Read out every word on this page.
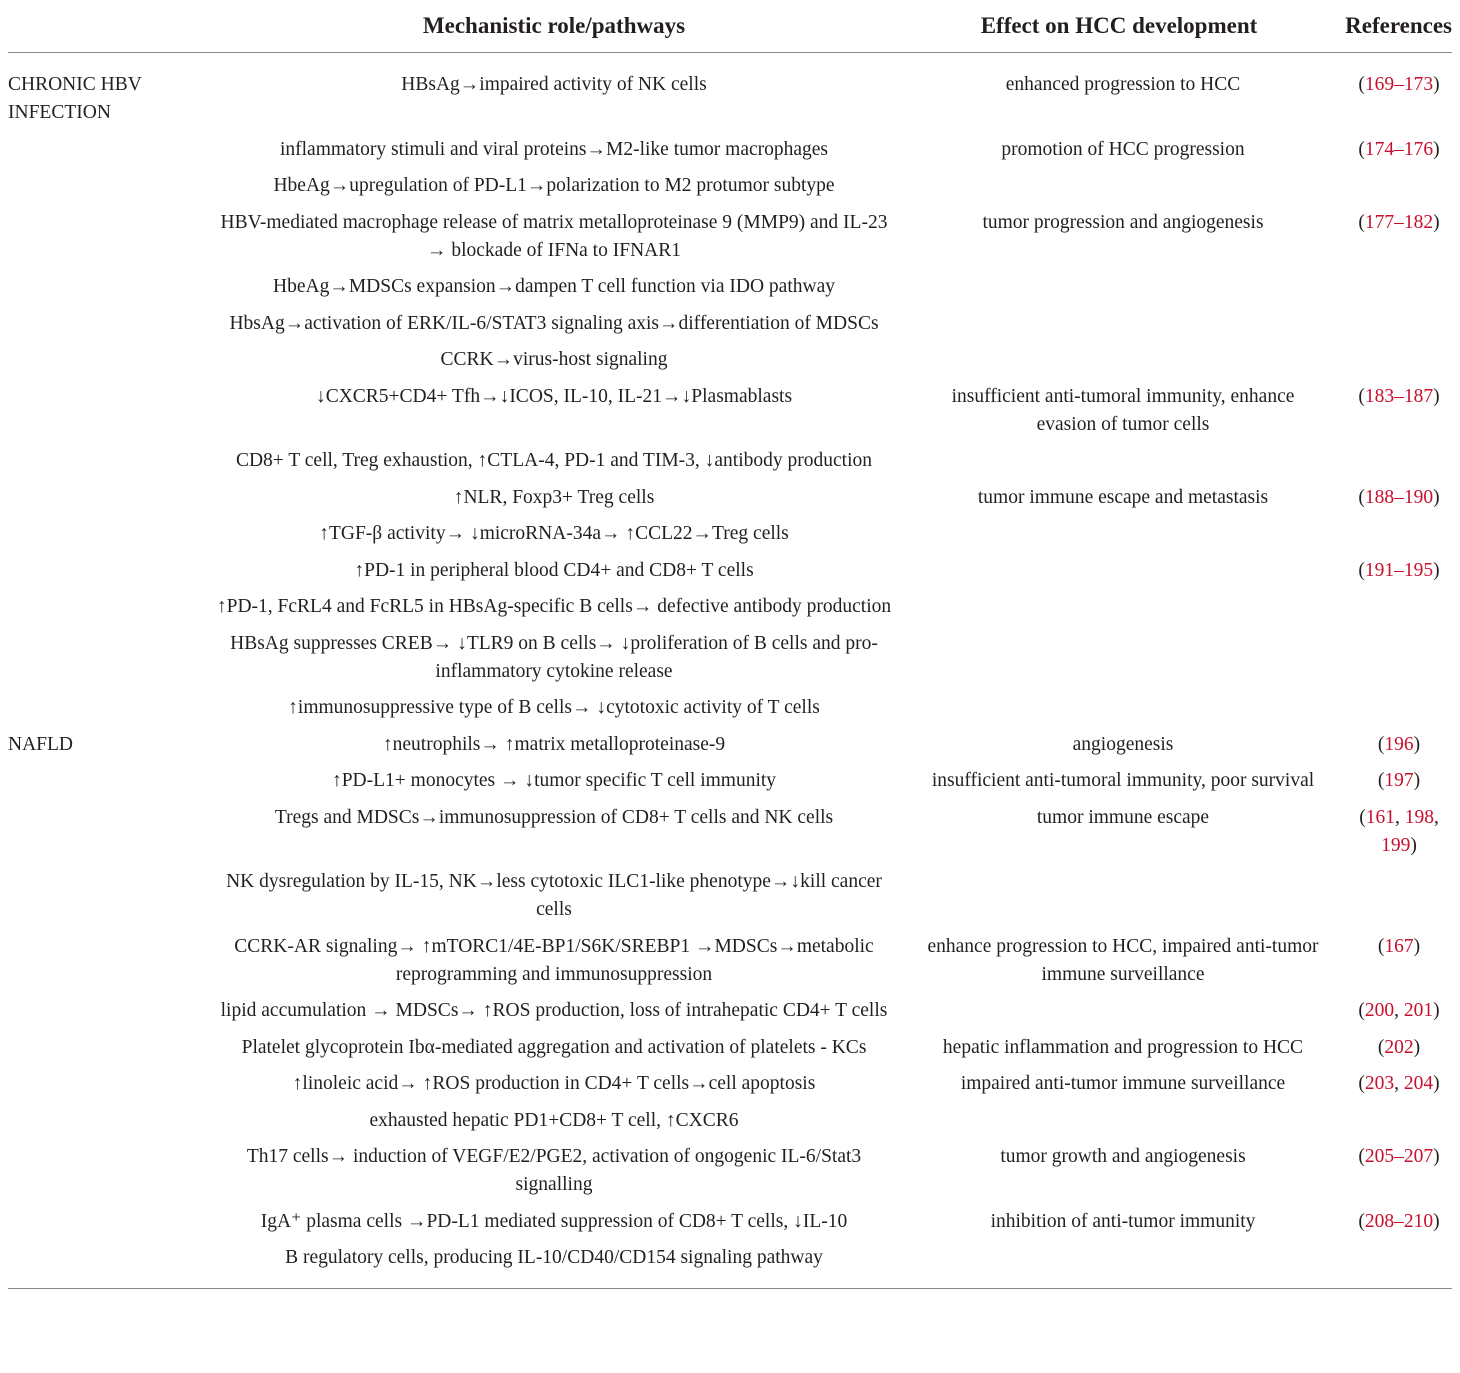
	Mechanistic role/pathways	Effect on HCC development	References
CHRONIC HBV INFECTION	HBsAg→impaired activity of NK cells	enhanced progression to HCC	(169–173)
	inflammatory stimuli and viral proteins→M2-like tumor macrophages	promotion of HCC progression	(174–176)
	HbeAg→upregulation of PD-L1→polarization to M2 protumor subtype		
	HBV-mediated macrophage release of matrix metalloproteinase 9 (MMP9) and IL-23 → blockade of IFNa to IFNAR1	tumor progression and angiogenesis	(177–182)
	HbeAg→MDSCs expansion→dampen T cell function via IDO pathway		
	HbsAg→activation of ERK/IL-6/STAT3 signaling axis→differentiation of MDSCs		
	CCRK→virus-host signaling		
	↓CXCR5+CD4+ Tfh→↓ICOS, IL-10, IL-21→↓Plasmablasts	insufficient anti-tumoral immunity, enhance evasion of tumor cells	(183–187)
	CD8+ T cell, Treg exhaustion, ↑CTLA-4, PD-1 and TIM-3, ↓antibody production		
	↑NLR, Foxp3+ Treg cells	tumor immune escape and metastasis	(188–190)
	↑TGF-β activity→ ↓microRNA-34a→ ↑CCL22→Treg cells		
	↑PD-1 in peripheral blood CD4+ and CD8+ T cells		(191–195)
	↑PD-1, FcRL4 and FcRL5 in HBsAg-specific B cells→ defective antibody production		
	HBsAg suppresses CREB→ ↓TLR9 on B cells→ ↓proliferation of B cells and pro-inflammatory cytokine release		
	↑immunosuppressive type of B cells→ ↓cytotoxic activity of T cells		
NAFLD	↑neutrophils→ ↑matrix metalloproteinase-9	angiogenesis	(196)
	↑PD-L1+ monocytes → ↓tumor specific T cell immunity	insufficient anti-tumoral immunity, poor survival	(197)
	Tregs and MDSCs→immunosuppression of CD8+ T cells and NK cells	tumor immune escape	(161, 198, 199)
	NK dysregulation by IL-15, NK→less cytotoxic ILC1-like phenotype→↓kill cancer cells		
	CCRK-AR signaling→ ↑mTORC1/4E-BP1/S6K/SREBP1 →MDSCs→metabolic reprogramming and immunosuppression	enhance progression to HCC, impaired anti-tumor immune surveillance	(167)
	lipid accumulation → MDSCs→ ↑ROS production, loss of intrahepatic CD4+ T cells		(200, 201)
	Platelet glycoprotein Ibα-mediated aggregation and activation of platelets - KCs	hepatic inflammation and progression to HCC	(202)
	↑linoleic acid→ ↑ROS production in CD4+ T cells→cell apoptosis	impaired anti-tumor immune surveillance	(203, 204)
	exhausted hepatic PD1+CD8+ T cell, ↑CXCR6		
	Th17 cells→ induction of VEGF/E2/PGE2, activation of ongogenic IL-6/Stat3 signalling	tumor growth and angiogenesis	(205–207)
	IgA⁺ plasma cells →PD-L1 mediated suppression of CD8+ T cells, ↓IL-10	inhibition of anti-tumor immunity	(208–210)
	B regulatory cells, producing IL-10/CD40/CD154 signaling pathway		
